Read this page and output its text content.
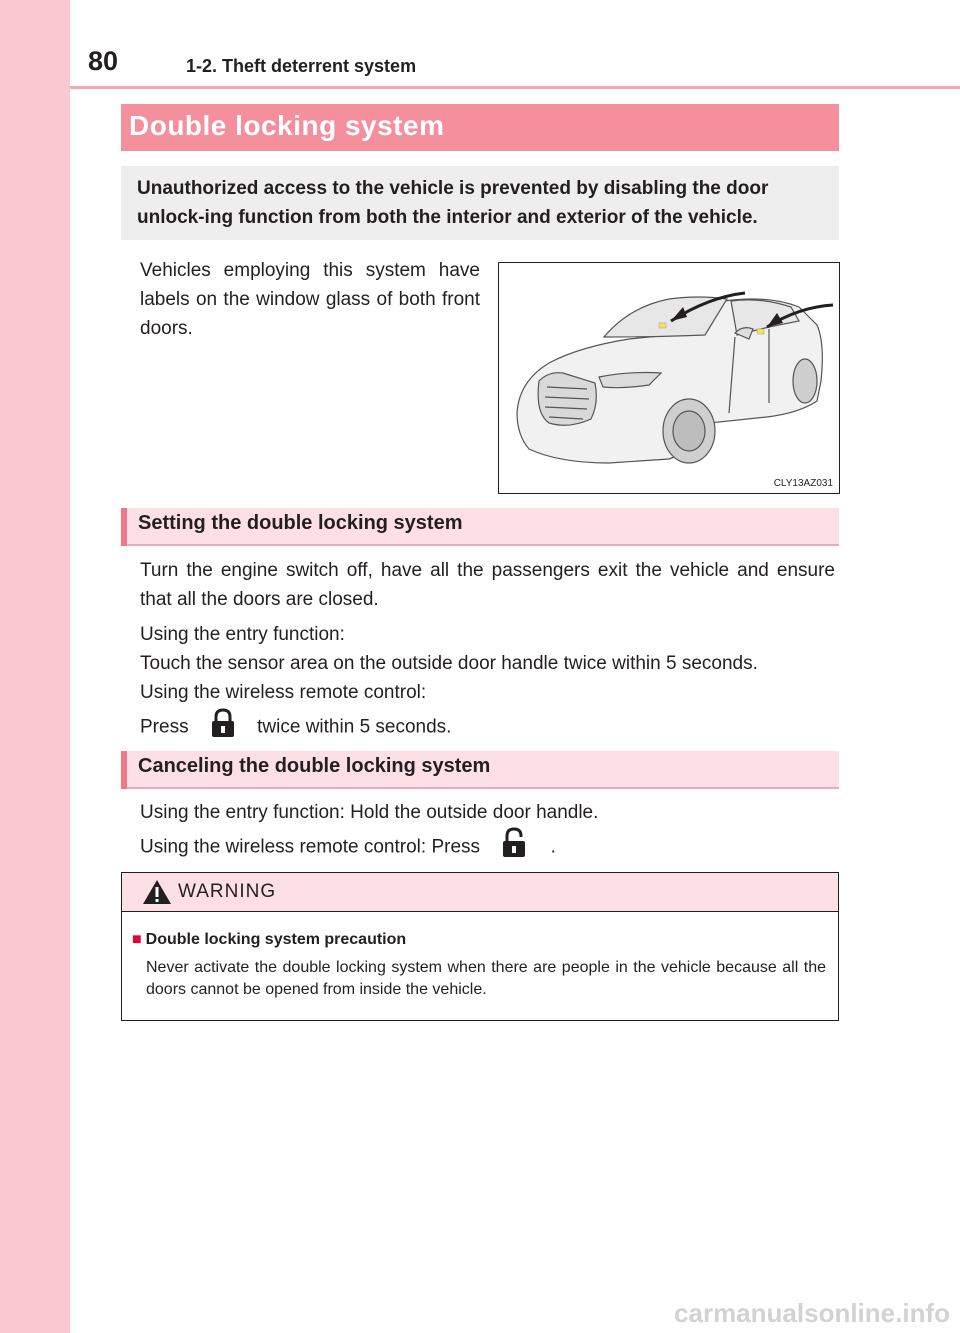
80	1-2. Theft deterrent system
Double locking system
Unauthorized access to the vehicle is prevented by disabling the door unlock-ing function from both the interior and exterior of the vehicle.
Vehicles employing this system have labels on the window glass of both front doors.
CLY13AZ031
Setting the double locking system
Turn the engine switch off, have all the passengers exit the vehicle and ensure that all the doors are closed.
Using the entry function:
Touch the sensor area on the outside door handle twice within 5 seconds.
Using the wireless remote control:
Press	twice within 5 seconds.
Canceling the double locking system
Using the entry function: Hold the outside door handle.
Using the wireless remote control: Press	.
WARNING
■ Double locking system precaution
Never activate the double locking system when there are people in the vehicle because all the doors cannot be opened from inside the vehicle.
carmanualsonline.info
